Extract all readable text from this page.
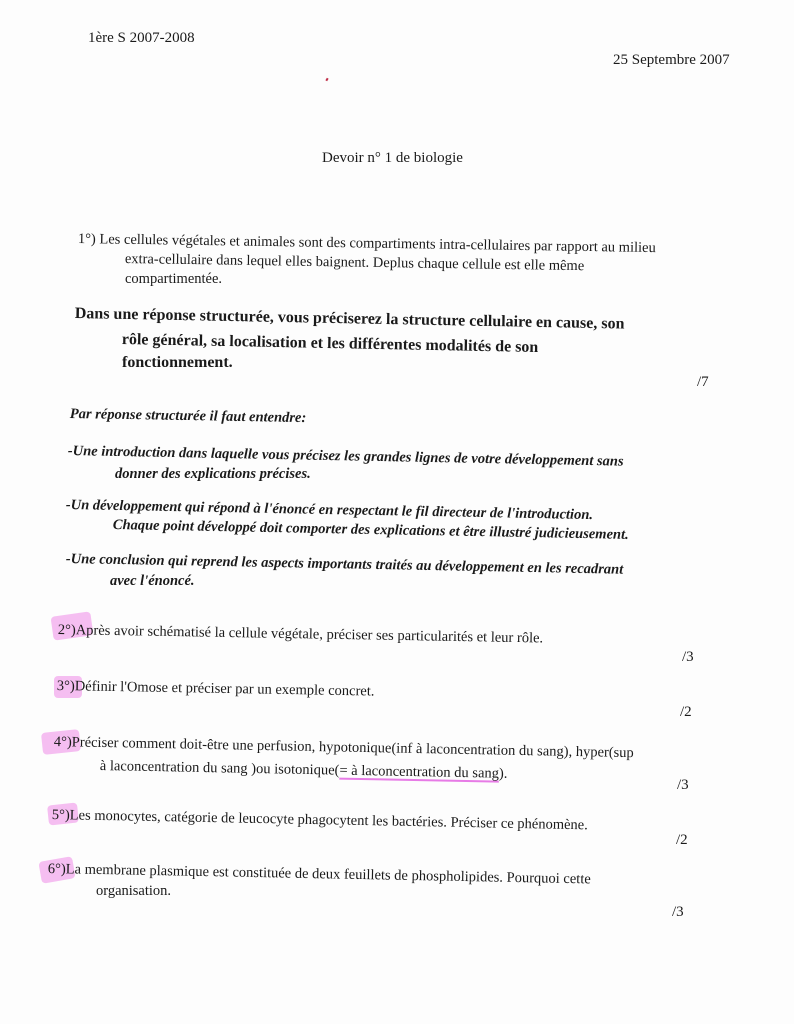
1ère S 2007-2008
25 Septembre 2007
Devoir n° 1 de biologie
1°) Les cellules végétales et animales sont des compartiments intra-cellulaires par rapport au milieu
extra-cellulaire dans lequel elles baignent. Deplus chaque cellule est elle même
compartimentée.
Dans une réponse structurée, vous préciserez la structure cellulaire en cause, son
rôle général, sa localisation et les différentes modalités de son
fonctionnement.
/7
Par réponse structurée il faut entendre:
-Une introduction dans laquelle vous précisez les grandes lignes de votre développement sans
donner des explications précises.
-Un développement qui répond à l'énoncé en respectant le fil directeur de l'introduction.
Chaque point développé doit comporter des explications et être illustré judicieusement.
-Une conclusion qui reprend les aspects importants traités au développement en les recadrant
avec l'énoncé.
2°)Après avoir schématisé la cellule végétale, préciser ses particularités et leur rôle.
/3
3°)Définir l'Omose et préciser par un exemple concret.
/2
4°)Préciser comment doit-être une perfusion, hypotonique(inf à laconcentration du sang), hyper(sup
à laconcentration du sang )ou isotonique(= à laconcentration du sang).
/3
5°)Les monocytes, catégorie de leucocyte phagocytent les bactéries. Préciser ce phénomène.
/2
6°)La membrane plasmique est constituée de deux feuillets de phospholipides. Pourquoi cette
organisation.
/3
